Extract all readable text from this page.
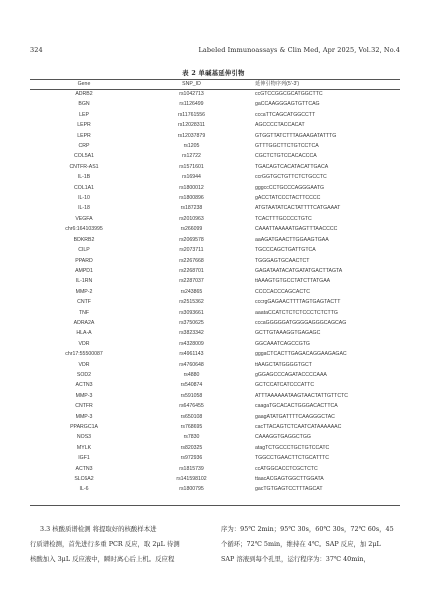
324	Labeled Immunoassays & Clin Med, Apr 2025, Vol.32, No.4
表 2 单碱基延伸引物
Gene	SNP_ID	延伸引物序列(5'-3')
ADRB2	rs1042713	ccGTCCGGCGCATGGCTTC
BGN	rs1126499	gaCCAAGGGAGTGTTCAG
LEP	rs11761556	cccaTTCAGCATGGCCTT
LEPR	rs12028311	AGCCCCTACCACAT
LEPR	rs12037879	GTGGTTATCTTTAGAAGATATTTG
CRP	rs1205	GTTTGGCTTCTGTCCTCA
COL5A1	rs12722	CGCTCTGTCCACACCCA
CNTFR-AS1	rs1571601	TGACAGTCACATACATTGACA
IL-1B	rs16944	ccrGGTGCTGTTCTCTGCCTC
COL1A1	rs1800012	gggccCCTGCCCAGGGAATG
IL-10	rs1800896	gACCTATCCCTACTTCCCC
IL-18	rs187238	ATGTAATATCACTATTTTCATGAAAT
VEGFA	rs2010963	TCACTTTGCCCCTGTC
chr6:164103995	rs266099	CAAATTAAAAATGAGTTTAACCCC
BDKRB2	rs2069578	aaAGATGAACTTGGAAGTGAA
CILP	rs2073711	TGCCCAGCTGATTGTCA
PPARD	rs2267668	TGGGAGTGCAACTCT
AMPD1	rs2268701	GAGATAATACATGATATGACTTAGTA
IL-1RN	rs2287037	ttAAAGTGTGCCTATCTTATGAA
MMP-2	rs243865	CCCCACCCAGCACTC
CNTF	rs2515362	cccrgGAGAACTTTTAGTGAGTACTT
TNF	rs3093661	aaataCCATCTCTCTCCCTCTCTTG
ADRA2A	rs3750625	cccaGGGGGATGGGGAGGGCAGCAG
HLA-A	rs3823342	GCTTGTAAAGGTGAGAGC
VDR	rs4328009	GGCAAATCAGCCGTG
chr17:55500087	rs4961143	gggaCTCACTTGAGACAGGAAGAGAC
VDR	rs4760648	ttAAGCTATGGGGTGCT
SOD2	rs4880	gGGAGCCCAGATACCCCAAA
ACTN3	rs540874	GCTCCATCATCCCATTC
MMP-3	rs591058	ATTTAAAAAATAAGTAACTATTGTTCTC
CNTFR	rs6476455	caagaTGCACACTGGGACACTTCA
MMP-3	rs650108	gaagATATGATTTTCAAGGGCTAC
PPARGC1A	rs768695	cacTTACAGTCTCAATCATAAAAAAC
NOS3	rs7830	CAAAGGTGAGGCTGG
MYLK	rs820325	atagTCTGCCCTGCTGTCCATC
IGF1	rs972936	TGGCCTGAACTTCTGCATTTC
ACTN3	rs1815739	ccATGGCACCTCGCTCTC
SLC6A2	rs141598102	ttaacACGAGTGGCTTGGATA
IL-6	rs1800795	gacTGTGAGTCCTTTAGCAT

3.3 核酸质谱检测 将提取好的核酸样本进

行质谱检测，首先进行多重 PCR 反应，取 2μL 待测

核酸加入 3μL 反应液中，瞬时离心后上机。反应程

序为：95℃ 2min；95℃ 30s，60℃ 30s，72℃ 60s，45

个循环；72℃ 5min，维持在 4℃。SAP 反应，加 2μL

SAP 溶液到每个孔里，运行程序为：37℃ 40min，
